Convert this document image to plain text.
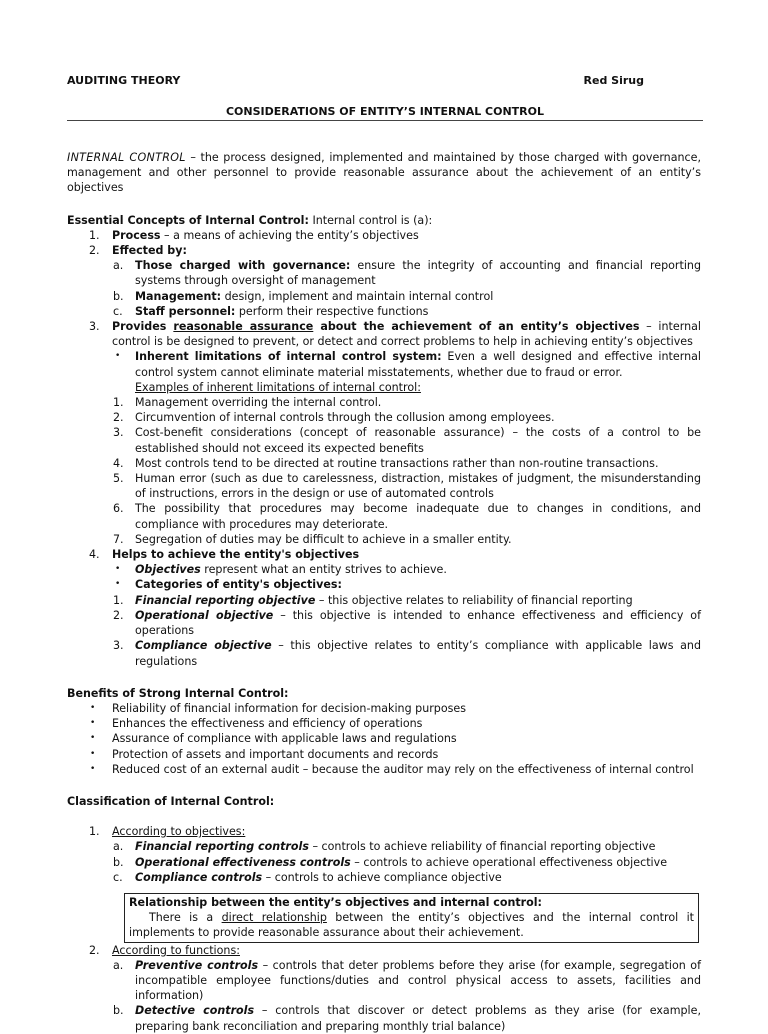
AUDITING THEORY	Red Sirug
CONSIDERATIONS OF ENTITY’S INTERNAL CONTROL

INTERNAL CONTROL – the process designed, implemented and maintained by those charged with governance, management and other personnel to provide reasonable assurance about the achievement of an entity’s objectives

Essential Concepts of Internal Control: Internal control is (a):

1. Process – a means of achieving the entity’s objectives
2. Effected by:
a. Those charged with governance: ensure the integrity of accounting and financial reporting systems through oversight of management
b. Management: design, implement and maintain internal control
c. Staff personnel: perform their respective functions
3. Provides reasonable assurance about the achievement of an entity’s objectives – internal control is be designed to prevent, or detect and correct problems to help in achieving entity’s objectives
• Inherent limitations of internal control system: Even a well designed and effective internal control system cannot eliminate material misstatements, whether due to fraud or error.
Examples of inherent limitations of internal control:
1. Management overriding the internal control.
2. Circumvention of internal controls through the collusion among employees.
3. Cost-benefit considerations (concept of reasonable assurance) – the costs of a control to be established should not exceed its expected benefits
4. Most controls tend to be directed at routine transactions rather than non-routine transactions.
5. Human error (such as due to carelessness, distraction, mistakes of judgment, the misunderstanding of instructions, errors in the design or use of automated controls
6. The possibility that procedures may become inadequate due to changes in conditions, and compliance with procedures may deteriorate.
7. Segregation of duties may be difficult to achieve in a smaller entity.
4. Helps to achieve the entity's objectives
• Objectives represent what an entity strives to achieve.
• Categories of entity's objectives:
1. Financial reporting objective – this objective relates to reliability of financial reporting
2. Operational objective – this objective is intended to enhance effectiveness and efficiency of operations
3. Compliance objective – this objective relates to entity’s compliance with applicable laws and regulations

Benefits of Strong Internal Control:

• Reliability of financial information for decision-making purposes
• Enhances the effectiveness and efficiency of operations
• Assurance of compliance with applicable laws and regulations
• Protection of assets and important documents and records
• Reduced cost of an external audit – because the auditor may rely on the effectiveness of internal control

Classification of Internal Control:

1. According to objectives:
a. Financial reporting controls – controls to achieve reliability of financial reporting objective
b. Operational effectiveness controls – controls to achieve operational effectiveness objective
c. Compliance controls – controls to achieve compliance objective
Relationship between the entity’s objectives and internal control:
There is a direct relationship between the entity’s objectives and the internal control it implements to provide reasonable assurance about their achievement.
2. According to functions:
a. Preventive controls – controls that deter problems before they arise (for example, segregation of incompatible employee functions/duties and control physical access to assets, facilities and information)
b. Detective controls – controls that discover or detect problems as they arise (for example, preparing bank reconciliation and preparing monthly trial balance)
